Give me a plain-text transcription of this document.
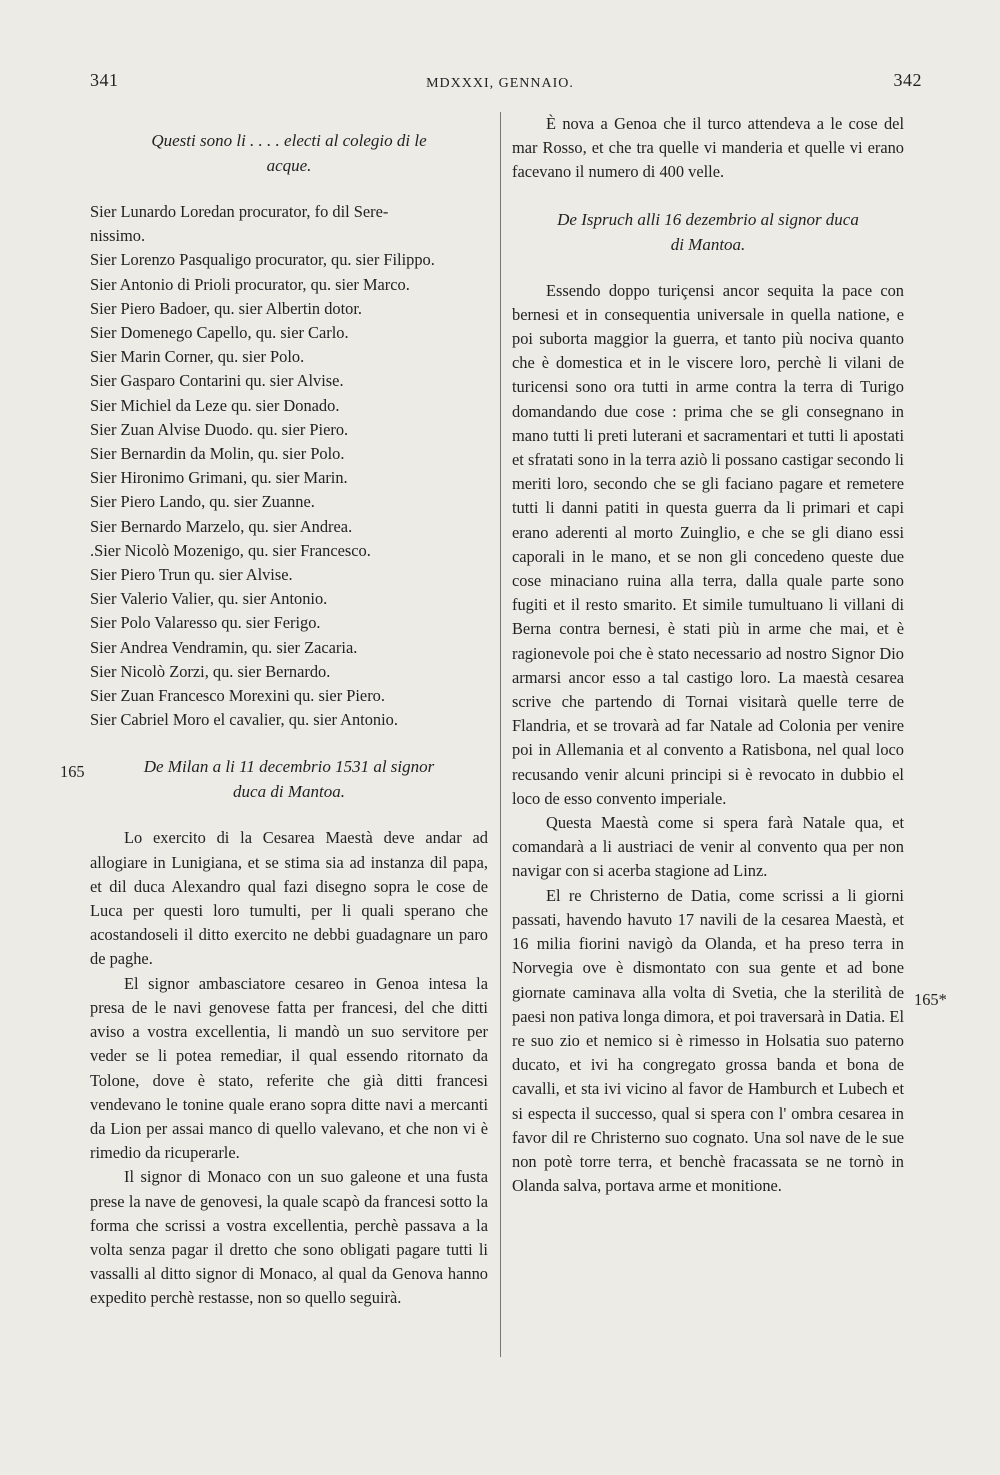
341	MDXXXI, GENNAIO.	342
165
165*
Questi sono li . . . . electi al colegio di le
acque.
Sier Lunardo Loredan procurator, fo dil Sere-
nissimo.
Sier Lorenzo Pasqualigo procurator, qu. sier Filippo.
Sier Antonio di Prioli procurator, qu. sier Marco.
Sier Piero Badoer, qu. sier Albertin dotor.
Sier Domenego Capello, qu. sier Carlo.
Sier Marin Corner, qu. sier Polo.
Sier Gasparo Contarini qu. sier Alvise.
Sier Michiel da Leze qu. sier Donado.
Sier Zuan Alvise Duodo. qu. sier Piero.
Sier Bernardin da Molin, qu. sier Polo.
Sier Hironimo Grimani, qu. sier Marin.
Sier Piero Lando, qu. sier Zuanne.
Sier Bernardo Marzelo, qu. sier Andrea.
.Sier Nicolò Mozenigo, qu. sier Francesco.
Sier Piero Trun qu. sier Alvise.
Sier Valerio Valier, qu. sier Antonio.
Sier Polo Valaresso qu. sier Ferigo.
Sier Andrea Vendramin, qu. sier Zacaria.
Sier Nicolò Zorzi, qu. sier Bernardo.
Sier Zuan Francesco Morexini qu. sier Piero.
Sier Cabriel Moro el cavalier, qu. sier Antonio.
De Milan a li 11 decembrio 1531 al signor
duca di Mantoa.
Lo exercito di la Cesarea Maestà deve andar ad allogiare in Lunigiana, et se stima sia ad instanza dil papa, et dil duca Alexandro qual fazi disegno sopra le cose de Luca per questi loro tumulti, per li quali sperano che acostandoseli il ditto exercito ne debbi guadagnare un paro de paghe.
El signor ambasciatore cesareo in Genoa intesa la presa de le navi genovese fatta per francesi, del che ditti aviso a vostra excellentia, li mandò un suo servitore per veder se li potea remediar, il qual essendo ritornato da Tolone, dove è stato, referite che già ditti francesi vendevano le tonine quale erano sopra ditte navi a mercanti da Lion per assai manco di quello valevano, et che non vi è rimedio da ricuperarle.
Il signor di Monaco con un suo galeone et una fusta prese la nave de genovesi, la quale scapò da francesi sotto la forma che scrissi a vostra excellentia, perchè passava a la volta senza pagar il dretto che sono obligati pagare tutti li vassalli al ditto signor di Monaco, al qual da Genova hanno expedito perchè restasse, non so quello seguirà.
È nova a Genoa che il turco attendeva a le cose del mar Rosso, et che tra quelle vi manderia et quelle vi erano facevano il numero di 400 velle.
De Ispruch alli 16 dezembrio al signor duca
di Mantoa.
Essendo doppo turiçensi ancor sequita la pace con bernesi et in consequentia universale in quella natione, e poi suborta maggior la guerra, et tanto più nociva quanto che è domestica et in le viscere loro, perchè li vilani de turicensi sono ora tutti in arme contra la terra di Turigo domandando due cose : prima che se gli consegnano in mano tutti li preti luterani et sacramentari et tutti li apostati et sfratati sono in la terra aziò li possano castigar secondo li meriti loro, secondo che se gli faciano pagare et remetere tutti li danni patiti in questa guerra da li primari et capi erano aderenti al morto Zuinglio, e che se gli diano essi caporali in le mano, et se non gli concedeno queste due cose minaciano ruina alla terra, dalla quale parte sono fugiti et il resto smarito. Et simile tumultuano li villani di Berna contra bernesi, è stati più in arme che mai, et è ragionevole poi che è stato necessario ad nostro Signor Dio armarsi ancor esso a tal castigo loro. La maestà cesarea scrive che partendo di Tornai visitarà quelle terre de Flandria, et se trovarà ad far Natale ad Colonia per venire poi in Allemania et al convento a Ratisbona, nel qual loco recusando venir alcuni principi si è revocato in dubbio el loco de esso convento imperiale.
Questa Maestà come si spera farà Natale qua, et comandarà a li austriaci de venir al convento qua per non navigar con si acerba stagione ad Linz.
El re Christerno de Datia, come scrissi a li giorni passati, havendo havuto 17 navili de la cesarea Maestà, et 16 milia fiorini navigò da Olanda, et ha preso terra in Norvegia ove è dismontato con sua gente et ad bone giornate caminava alla volta di Svetia, che la sterilità de paesi non pativa longa dimora, et poi traversarà in Datia. El re suo zio et nemico si è rimesso in Holsatia suo paterno ducato, et ivi ha congregato grossa banda et bona de cavalli, et sta ivi vicino al favor de Hamburch et Lubech et si especta il successo, qual si spera con l' ombra cesarea in favor dil re Christerno suo cognato. Una sol nave de le sue non potè torre terra, et benchè fracassata se ne tornò in Olanda salva, portava arme et monitione.
